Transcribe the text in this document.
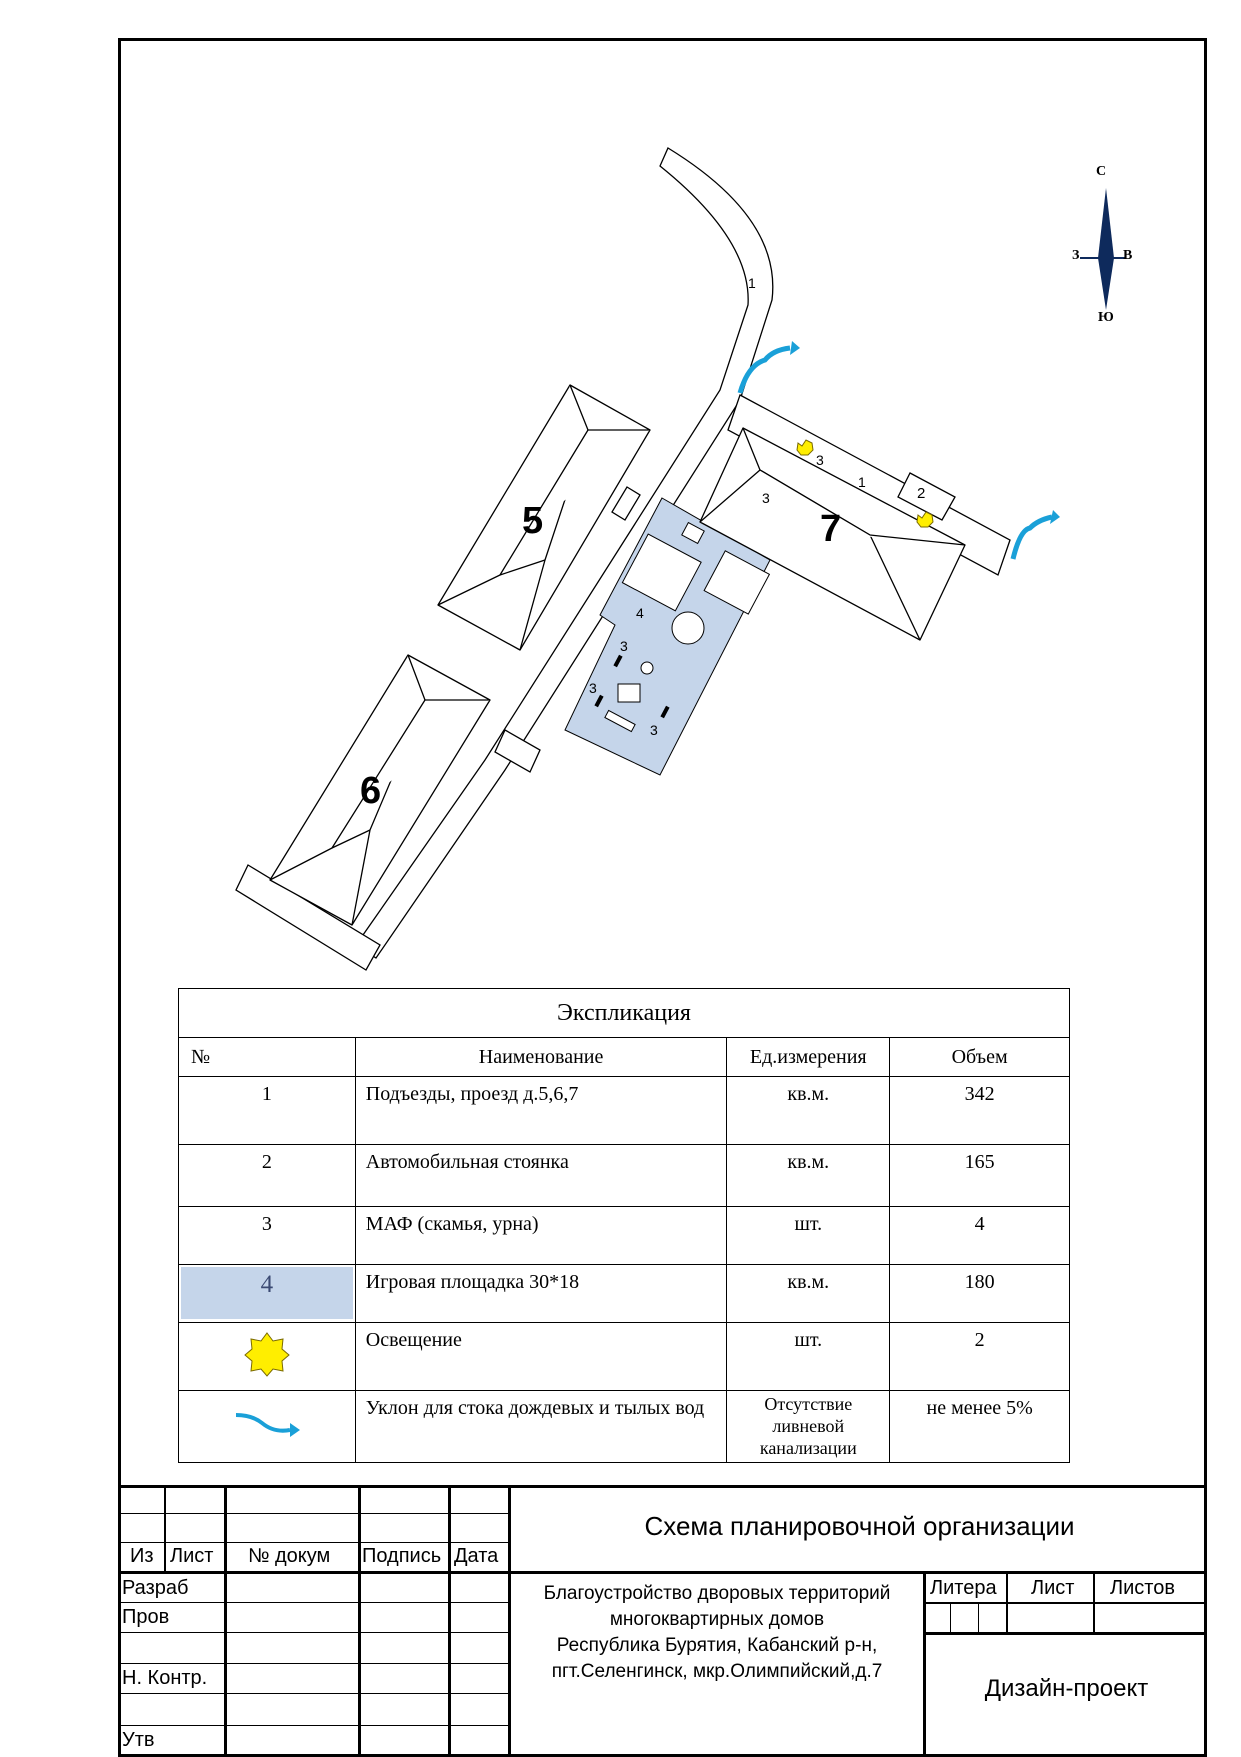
С
Ю
З	В
5
6
7
1
1
2
3
3
3
3
3
4
Экспликация			
№	Наименование	Ед.измерения	Объем
1	Подъезды, проезд д.5,6,7	кв.м.	342
2	Автомобильная стоянка	кв.м.	165
3	МАФ (скамья, урна)	шт.	4

4	Игровая площадка 30*18	кв.м.	180
	Освещение	шт.	2
	Уклон для стока дождевых и тылых вод	Отсутствие ливневой канализации	не менее 5%
Из Лист № докум Подпись Дата
Разраб
Пров
Н. Контр.
Утв
Схема планировочной организации
Благоустройство дворовых территорий
многоквартирных домов
Республика Бурятия, Кабанский р-н,
пгт.Селенгинск, мкр.Олимпийский,д.7
Литера Лист Листов
Дизайн-проект
